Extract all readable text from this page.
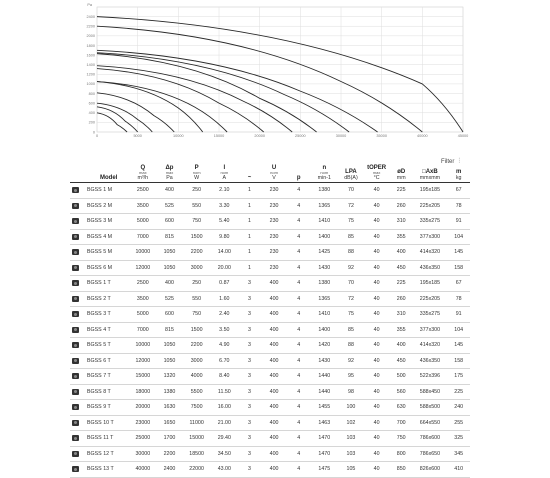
0	5000	10000	15000	20000	25000	30000	35000	40000	45000
0
200
400
600
800
1000
1200
1400
1600
1800
2000
2200
2400
Pa
Filter ⫶
Model	Q
max
m³/h	Δp
max
Pa	P
nom
W	I
nom
A	~	U
nom
V	p	n
nom
min-1	LPA
dB(A)	tOPER
max
°C	øD
mm	□AxB
mmxmm	m
kg

BGSS 1 M	2500	400	250	2.10	1	230	4	1380	70	40	225	195x185	67
BGSS 2 M	3500	525	550	3.30	1	230	4	1365	72	40	260	225x205	78
BGSS 3 M	5000	600	750	5.40	1	230	4	1410	75	40	310	335x275	91
BGSS 4 M	7000	815	1500	9.80	1	230	4	1400	85	40	355	377x300	104
BGSS 5 M	10000	1050	2200	14.00	1	230	4	1425	88	40	400	414x320	145
BGSS 6 M	12000	1050	3000	20.00	1	230	4	1430	92	40	450	436x350	158
BGSS 1 T	2500	400	250	0.87	3	400	4	1380	70	40	225	195x185	67
BGSS 2 T	3500	525	550	1.60	3	400	4	1365	72	40	260	225x205	78
BGSS 3 T	5000	600	750	2.40	3	400	4	1410	75	40	310	335x275	91
BGSS 4 T	7000	815	1500	3.50	3	400	4	1400	85	40	355	377x300	104
BGSS 5 T	10000	1050	2200	4.90	3	400	4	1420	88	40	400	414x320	145
BGSS 6 T	12000	1050	3000	6.70	3	400	4	1430	92	40	450	436x350	158
BGSS 7 T	15000	1320	4000	8.40	3	400	4	1440	95	40	500	522x396	175
BGSS 8 T	18000	1380	5500	11.50	3	400	4	1440	98	40	560	588x450	225
BGSS 9 T	20000	1630	7500	16.00	3	400	4	1455	100	40	630	588x500	240
BGSS 10 T	23000	1650	11000	21.00	3	400	4	1463	102	40	700	664x550	255
BGSS 11 T	25000	1700	15000	29.40	3	400	4	1470	103	40	750	786x600	325
BGSS 12 T	30000	2200	18500	34.50	3	400	4	1470	103	40	800	786x650	345
BGSS 13 T	40000	2400	22000	43.00	3	400	4	1475	105	40	850	826x600	410
